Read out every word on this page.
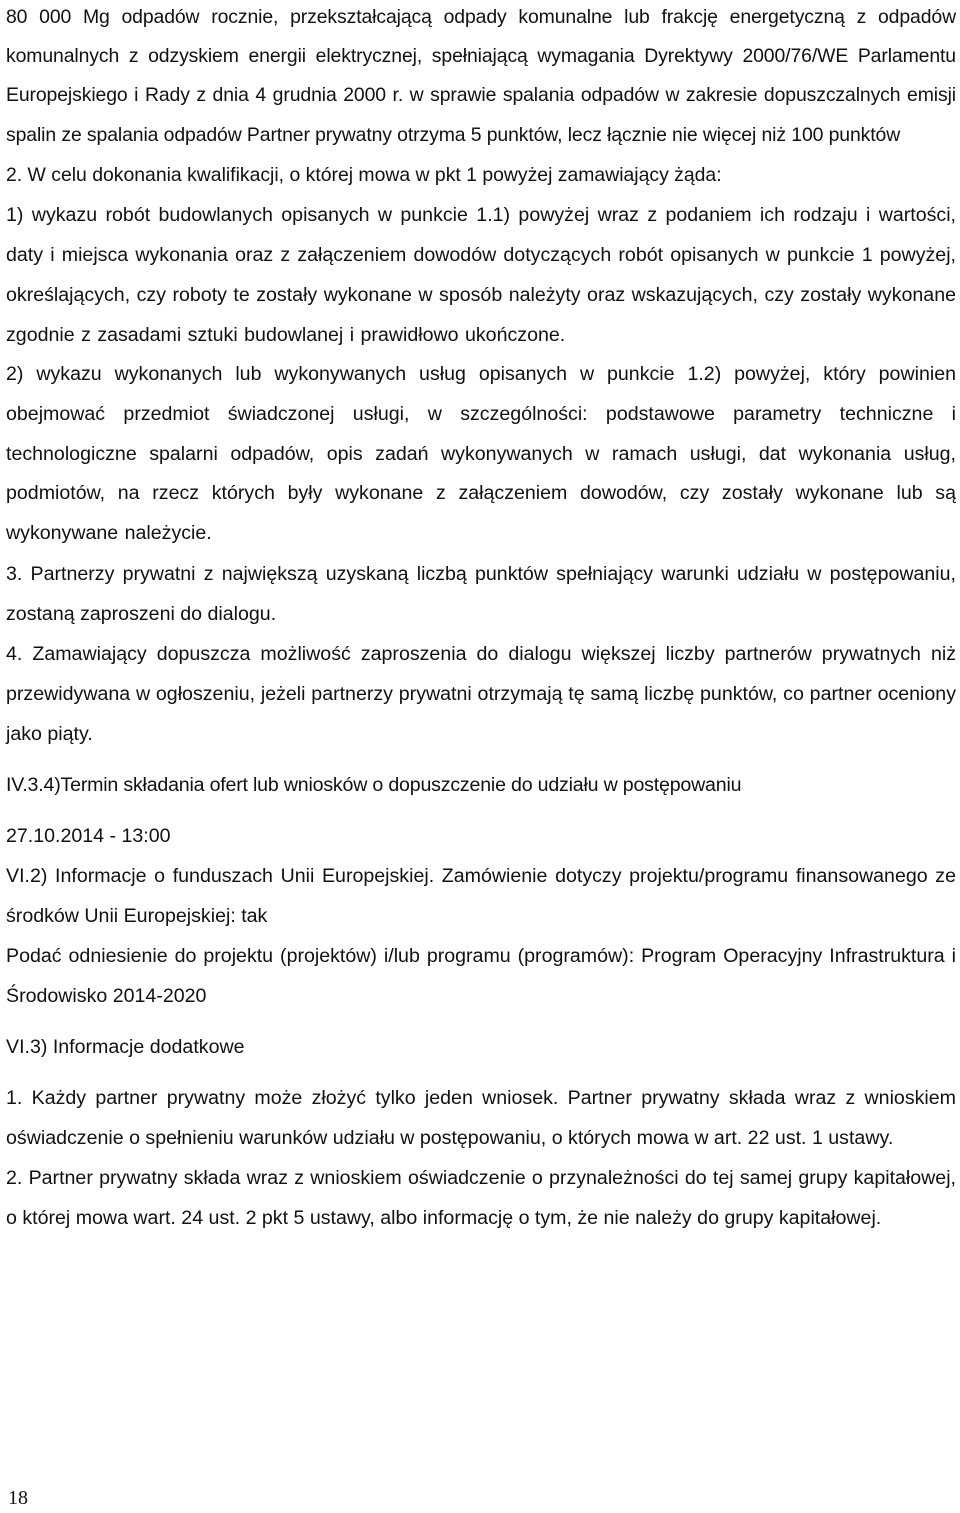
80 000 Mg odpadów rocznie, przekształcającą odpady komunalne lub frakcję energetyczną z odpadów komunalnych z odzyskiem energii elektrycznej, spełniającą wymagania Dyrektywy 2000/76/WE Parlamentu Europejskiego i Rady z dnia 4 grudnia 2000 r. w sprawie spalania odpadów w zakresie dopuszczalnych emisji spalin ze spalania odpadów Partner prywatny otrzyma 5 punktów, lecz łącznie nie więcej niż 100 punktów

2. W celu dokonania kwalifikacji, o której mowa w pkt 1 powyżej zamawiający żąda:

1) wykazu robót budowlanych opisanych w punkcie 1.1) powyżej wraz z podaniem ich rodzaju i wartości, daty i miejsca wykonania oraz z załączeniem dowodów dotyczących robót opisanych w punkcie 1 powyżej, określających, czy roboty te zostały wykonane w sposób należyty oraz wskazujących, czy zostały wykonane zgodnie z zasadami sztuki budowlanej i prawidłowo ukończone.

2) wykazu wykonanych lub wykonywanych usług opisanych w punkcie 1.2) powyżej, który powinien obejmować przedmiot świadczonej usługi, w szczególności: podstawowe parametry techniczne i technologiczne spalarni odpadów, opis zadań wykonywanych w ramach usługi, dat wykonania usług, podmiotów, na rzecz których były wykonane z załączeniem dowodów, czy zostały wykonane lub są wykonywane należycie.

3. Partnerzy prywatni z największą uzyskaną liczbą punktów spełniający warunki udziału w postępowaniu, zostaną zaproszeni do dialogu.

4. Zamawiający dopuszcza możliwość zaproszenia do dialogu większej liczby partnerów prywatnych niż przewidywana w ogłoszeniu, jeżeli partnerzy prywatni otrzymają tę samą liczbę punktów, co partner oceniony jako piąty.

IV.3.4)Termin składania ofert lub wniosków o dopuszczenie do udziału w postępowaniu

27.10.2014 - 13:00

VI.2) Informacje o funduszach Unii Europejskiej. Zamówienie dotyczy projektu/programu finansowanego ze środków Unii Europejskiej: tak

Podać odniesienie do projektu (projektów) i/lub programu (programów): Program Operacyjny Infrastruktura i Środowisko 2014-2020

VI.3) Informacje dodatkowe

1. Każdy partner prywatny może złożyć tylko jeden wniosek. Partner prywatny składa wraz z wnioskiem oświadczenie o spełnieniu warunków udziału w postępowaniu, o których mowa w art. 22 ust. 1 ustawy.

2. Partner prywatny składa wraz z wnioskiem oświadczenie o przynależności do tej samej grupy kapitałowej, o której mowa wart. 24 ust. 2 pkt 5 ustawy, albo informację o tym, że nie należy do grupy kapitałowej.

18
